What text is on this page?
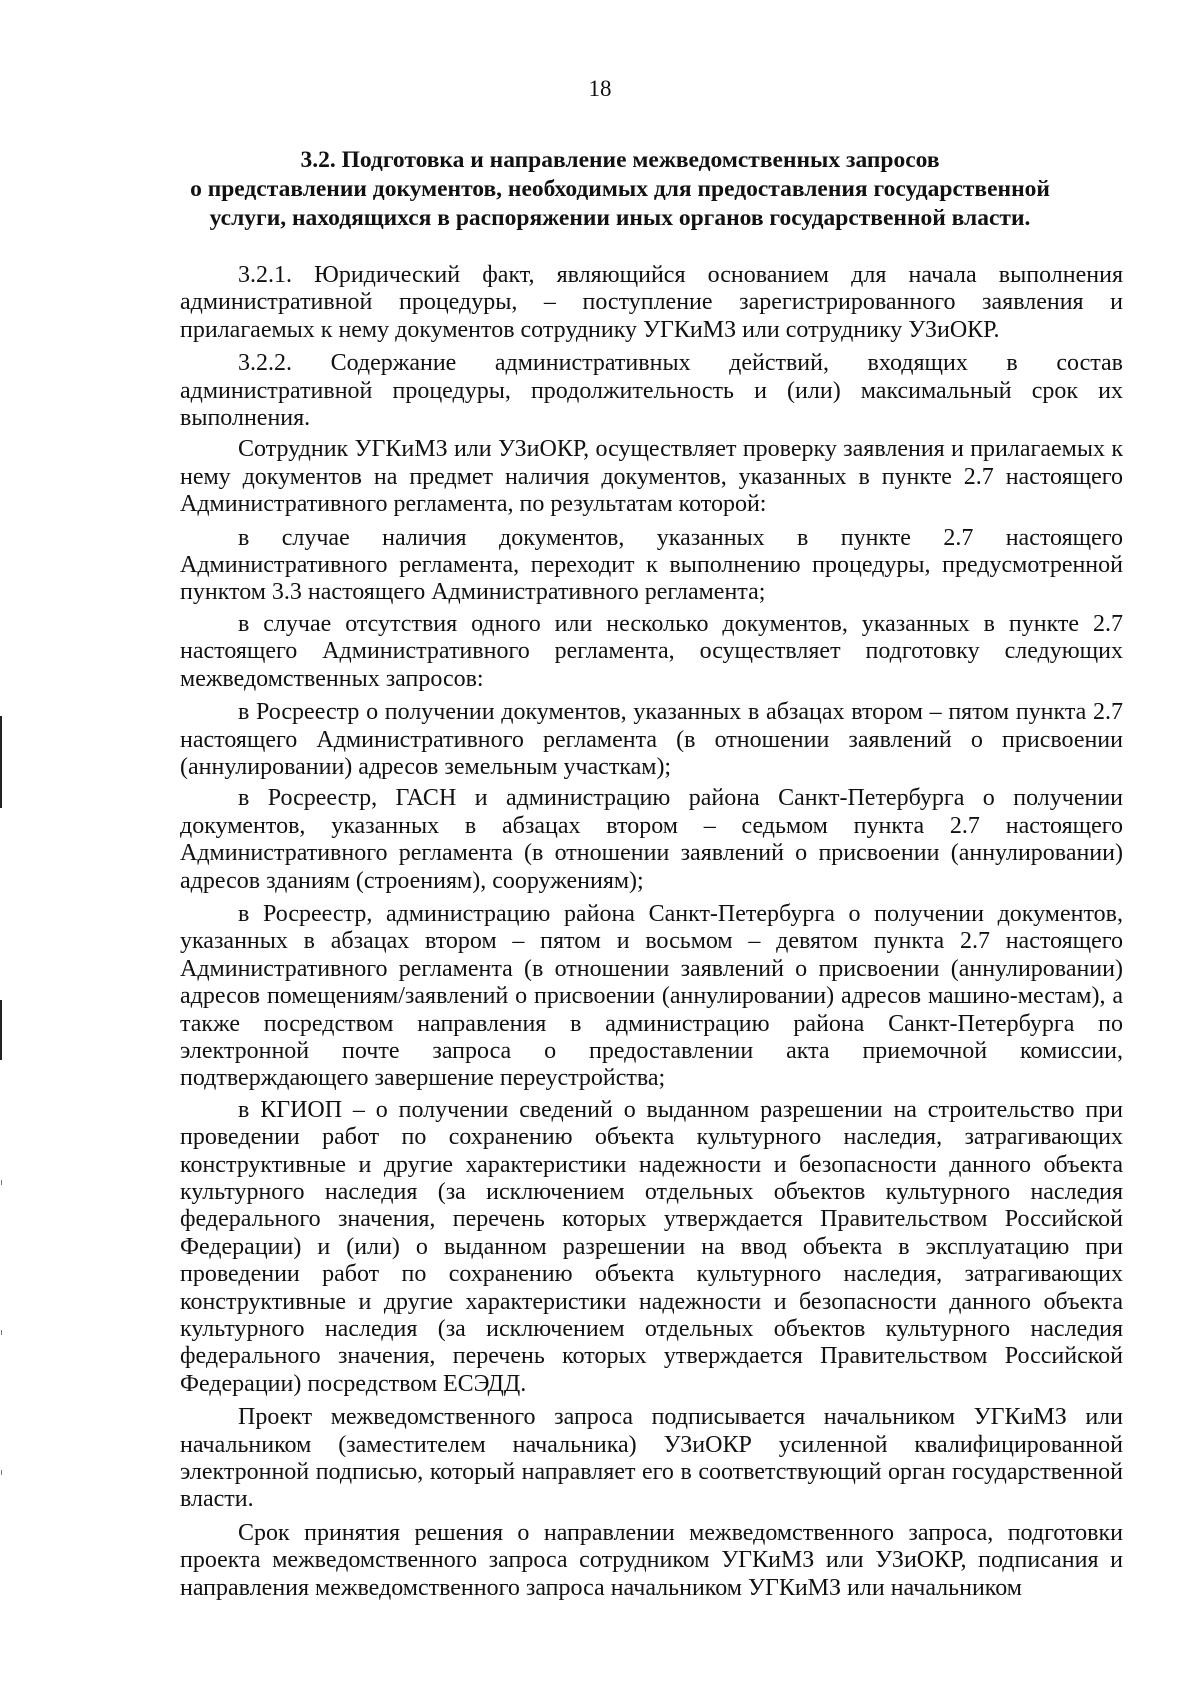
18
3.2. Подготовка и направление межведомственных запросов
о представлении документов, необходимых для предоставления государственной
услуги, находящихся в распоряжении иных органов государственной власти.

3.2.1. Юридический факт, являющийся основанием для начала выполнения административной процедуры, – поступление зарегистрированного заявления и прилагаемых к нему документов сотруднику УГКиМЗ или сотруднику УЗиОКР.

3.2.2. Содержание административных действий, входящих в состав административной процедуры, продолжительность и (или) максимальный срок их выполнения.

Сотрудник УГКиМЗ или УЗиОКР, осуществляет проверку заявления и прилагаемых к нему документов на предмет наличия документов, указанных в пункте 2.7 настоящего Административного регламента, по результатам которой:

в случае наличия документов, указанных в пункте 2.7 настоящего Административного регламента, переходит к выполнению процедуры, предусмотренной пунктом 3.3 настоящего Административного регламента;

в случае отсутствия одного или несколько документов, указанных в пункте 2.7 настоящего Административного регламента, осуществляет подготовку следующих межведомственных запросов:

в Росреестр о получении документов, указанных в абзацах втором – пятом пункта 2.7 настоящего Административного регламента (в отношении заявлений о присвоении (аннулировании) адресов земельным участкам);

в Росреестр, ГАСН и администрацию района Санкт-Петербурга о получении документов, указанных в абзацах втором – седьмом пункта 2.7 настоящего Административного регламента (в отношении заявлений о присвоении (аннулировании) адресов зданиям (строениям), сооружениям);

в Росреестр, администрацию района Санкт-Петербурга о получении документов, указанных в абзацах втором – пятом и восьмом – девятом пункта 2.7 настоящего Административного регламента (в отношении заявлений о присвоении (аннулировании) адресов помещениям/заявлений о присвоении (аннулировании) адресов машино-местам), а также посредством направления в администрацию района Санкт-Петербурга по электронной почте запроса о предоставлении акта приемочной комиссии, подтверждающего завершение переустройства;

в КГИОП – о получении сведений о выданном разрешении на строительство при проведении работ по сохранению объекта культурного наследия, затрагивающих конструктивные и другие характеристики надежности и безопасности данного объекта культурного наследия (за исключением отдельных объектов культурного наследия федерального значения, перечень которых утверждается Правительством Российской Федерации) и (или) о выданном разрешении на ввод объекта в эксплуатацию при проведении работ по сохранению объекта культурного наследия, затрагивающих конструктивные и другие характеристики надежности и безопасности данного объекта культурного наследия (за исключением отдельных объектов культурного наследия федерального значения, перечень которых утверждается Правительством Российской Федерации) посредством ЕСЭДД.

Проект межведомственного запроса подписывается начальником УГКиМЗ или начальником (заместителем начальника) УЗиОКР усиленной квалифицированной электронной подписью, который направляет его в соответствующий орган государственной власти.

Срок принятия решения о направлении межведомственного запроса, подготовки проекта межведомственного запроса сотрудником УГКиМЗ или УЗиОКР, подписания и направления межведомственного запроса начальником УГКиМЗ или начальником
